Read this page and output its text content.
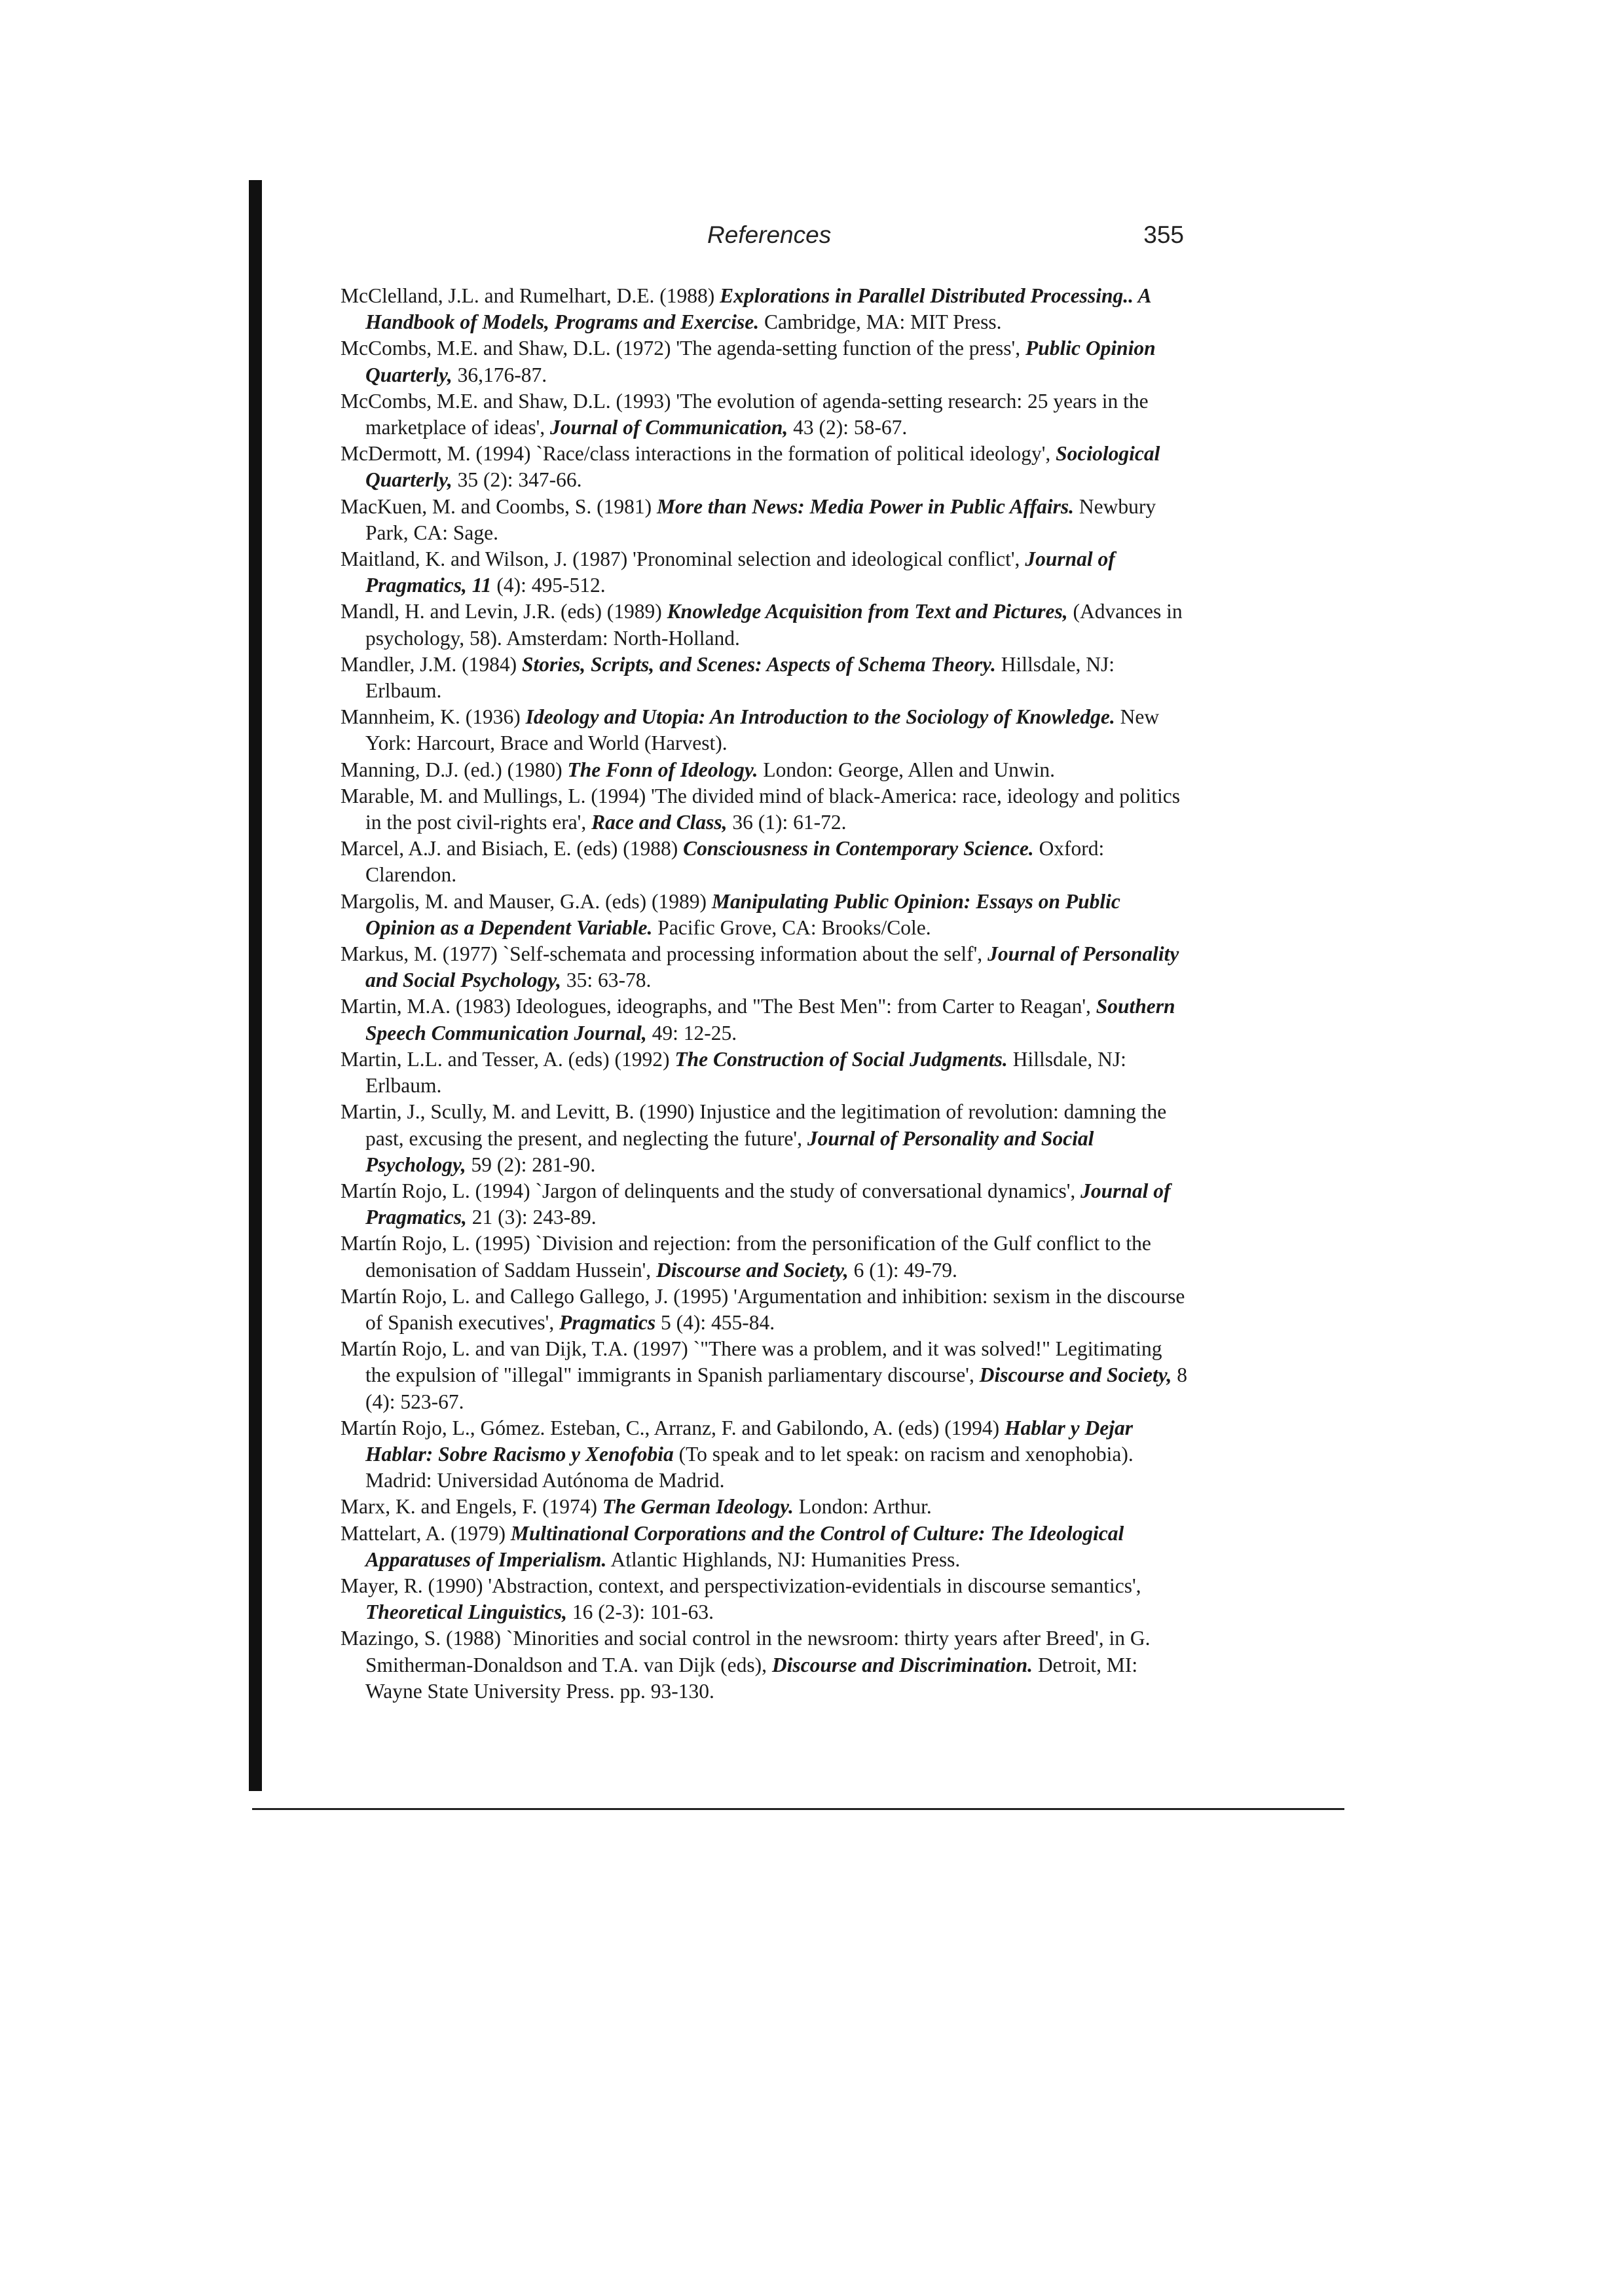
References	355
McClelland, J.L. and Rumelhart, D.E. (1988) Explorations in Parallel Distributed Processing.. A Handbook of Models, Programs and Exercise. Cambridge, MA: MIT Press.
McCombs, M.E. and Shaw, D.L. (1972) 'The agenda-setting function of the press', Public Opinion Quarterly, 36,176-87.
McCombs, M.E. and Shaw, D.L. (1993) 'The evolution of agenda-setting research: 25 years in the marketplace of ideas', Journal of Communication, 43 (2): 58-67.
McDermott, M. (1994) `Race/class interactions in the formation of political ideology', Sociological Quarterly, 35 (2): 347-66.
MacKuen, M. and Coombs, S. (1981) More than News: Media Power in Public Affairs. Newbury Park, CA: Sage.
Maitland, K. and Wilson, J. (1987) 'Pronominal selection and ideological conflict', Journal of Pragmatics, 11 (4): 495-512.
Mandl, H. and Levin, J.R. (eds) (1989) Knowledge Acquisition from Text and Pictures, (Advances in psychology, 58). Amsterdam: North-Holland.
Mandler, J.M. (1984) Stories, Scripts, and Scenes: Aspects of Schema Theory. Hillsdale, NJ: Erlbaum.
Mannheim, K. (1936) Ideology and Utopia: An Introduction to the Sociology of Knowledge. New York: Harcourt, Brace and World (Harvest).
Manning, D.J. (ed.) (1980) The Fonn of Ideology. London: George, Allen and Unwin.
Marable, M. and Mullings, L. (1994) 'The divided mind of black-America: race, ideology and politics in the post civil-rights era', Race and Class, 36 (1): 61-72.
Marcel, A.J. and Bisiach, E. (eds) (1988) Consciousness in Contemporary Science. Oxford: Clarendon.
Margolis, M. and Mauser, G.A. (eds) (1989) Manipulating Public Opinion: Essays on Public Opinion as a Dependent Variable. Pacific Grove, CA: Brooks/Cole.
Markus, M. (1977) `Self-schemata and processing information about the self', Journal of Personality and Social Psychology, 35: 63-78.
Martin, M.A. (1983) Ideologues, ideographs, and "The Best Men": from Carter to Reagan', Southern Speech Communication Journal, 49: 12-25.
Martin, L.L. and Tesser, A. (eds) (1992) The Construction of Social Judgments. Hillsdale, NJ: Erlbaum.
Martin, J., Scully, M. and Levitt, B. (1990) Injustice and the legitimation of revolution: damning the past, excusing the present, and neglecting the future', Journal of Personality and Social Psychology, 59 (2): 281-90.
Martín Rojo, L. (1994) `Jargon of delinquents and the study of conversational dynamics', Journal of Pragmatics, 21 (3): 243-89.
Martín Rojo, L. (1995) `Division and rejection: from the personification of the Gulf conflict to the demonisation of Saddam Hussein', Discourse and Society, 6 (1): 49-79.
Martín Rojo, L. and Callego Gallego, J. (1995) 'Argumentation and inhibition: sexism in the discourse of Spanish executives', Pragmatics 5 (4): 455-84.
Martín Rojo, L. and van Dijk, T.A. (1997) `"There was a problem, and it was solved!" Legitimating the expulsion of "illegal" immigrants in Spanish parliamentary discourse', Discourse and Society, 8 (4): 523-67.
Martín Rojo, L., Gómez. Esteban, C., Arranz, F. and Gabilondo, A. (eds) (1994) Hablar y Dejar Hablar: Sobre Racismo y Xenofobia (To speak and to let speak: on racism and xenophobia). Madrid: Universidad Autónoma de Madrid.
Marx, K. and Engels, F. (1974) The German Ideology. London: Arthur.
Mattelart, A. (1979) Multinational Corporations and the Control of Culture: The Ideological Apparatuses of Imperialism. Atlantic Highlands, NJ: Humanities Press.
Mayer, R. (1990) 'Abstraction, context, and perspectivization-evidentials in discourse semantics', Theoretical Linguistics, 16 (2-3): 101-63.
Mazingo, S. (1988) `Minorities and social control in the newsroom: thirty years after Breed', in G. Smitherman-Donaldson and T.A. van Dijk (eds), Discourse and Discrimination. Detroit, MI: Wayne State University Press. pp. 93-130.
